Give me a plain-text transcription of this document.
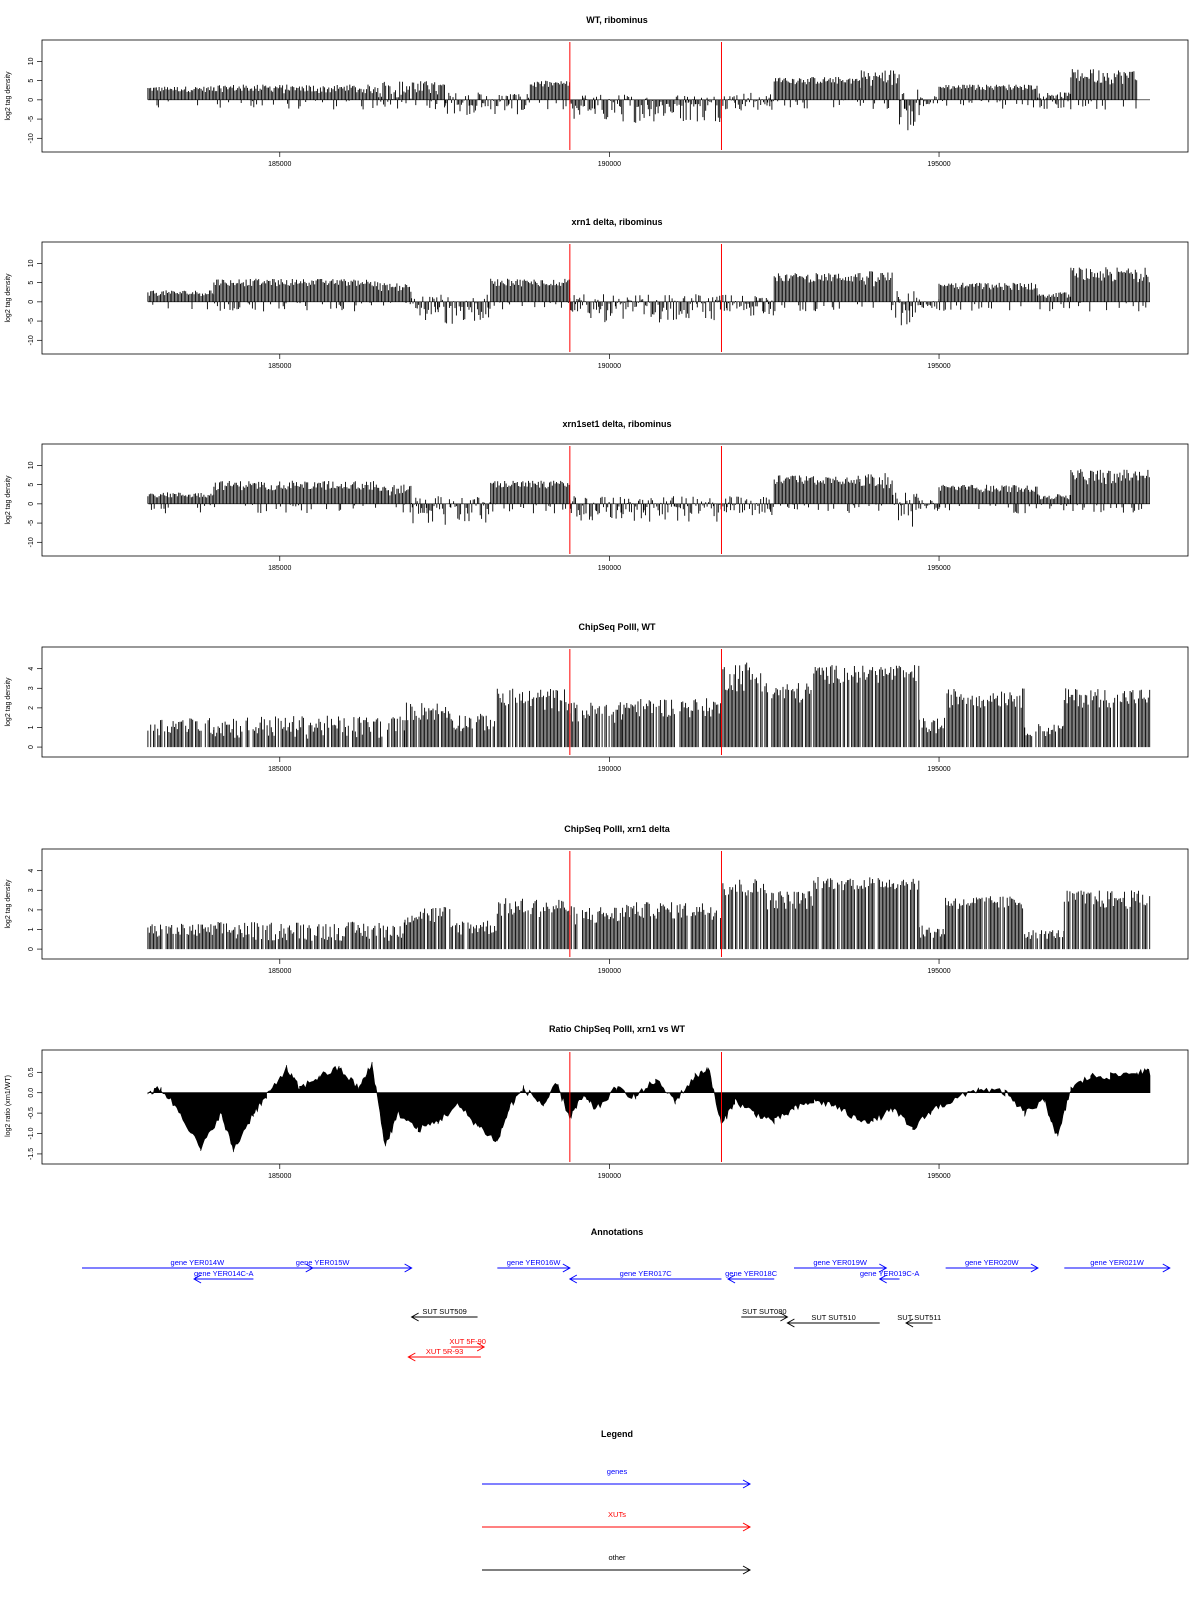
WT, ribominus
log2 tag density
10
5
0
-5
-10
185000	190000	195000
xrn1 delta, ribominus
log2 tag density
10
5
0
-5
-10
185000	190000	195000
xrn1set1 delta, ribominus
log2 tag density
10
5
0
-5
-10
185000	190000	195000
ChipSeq PolII, WT
log2 tag density
4
3
2
1
0
185000	190000	195000
ChipSeq PolII, xrn1 delta
log2 tag density
4
3
2
1
0
185000	190000	195000
Ratio ChipSeq PolII, xrn1 vs WT
log2 ratio (xrn1/WT)
0.5
0.0
-0.5
-1.0
-1.5
185000	190000	195000
Annotations
gene YER014W
gene YER014C-A
gene YER015W	gene YER016W
gene YER017C	gene YER018C
gene YER019W
gene YER019C-A
gene YER020W	gene YER021W
SUT SUT509	SUT SUT080
SUT SUT510	SUT SUT511
XUT 5F-90
XUT 5R-93
Legend
genes
XUTs
other
